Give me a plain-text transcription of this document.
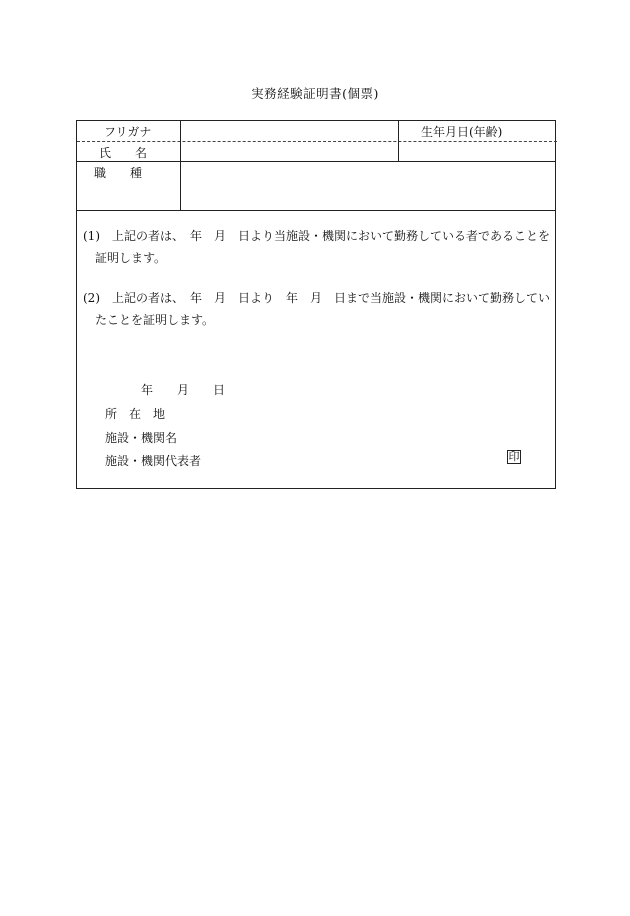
実務経験証明書(個票)
フリガナ	生年月日(年齢)
氏　　名
職　　種
(1)　上記の者は、　年　月　日より当施設・機関において勤務している者であることを
証明します。
(2)　上記の者は、　年　月　日より　年　月　日まで当施設・機関において勤務してい
たことを証明します。
年　　月　　日
所　在　地
施設・機関名
施設・機関代表者	印
